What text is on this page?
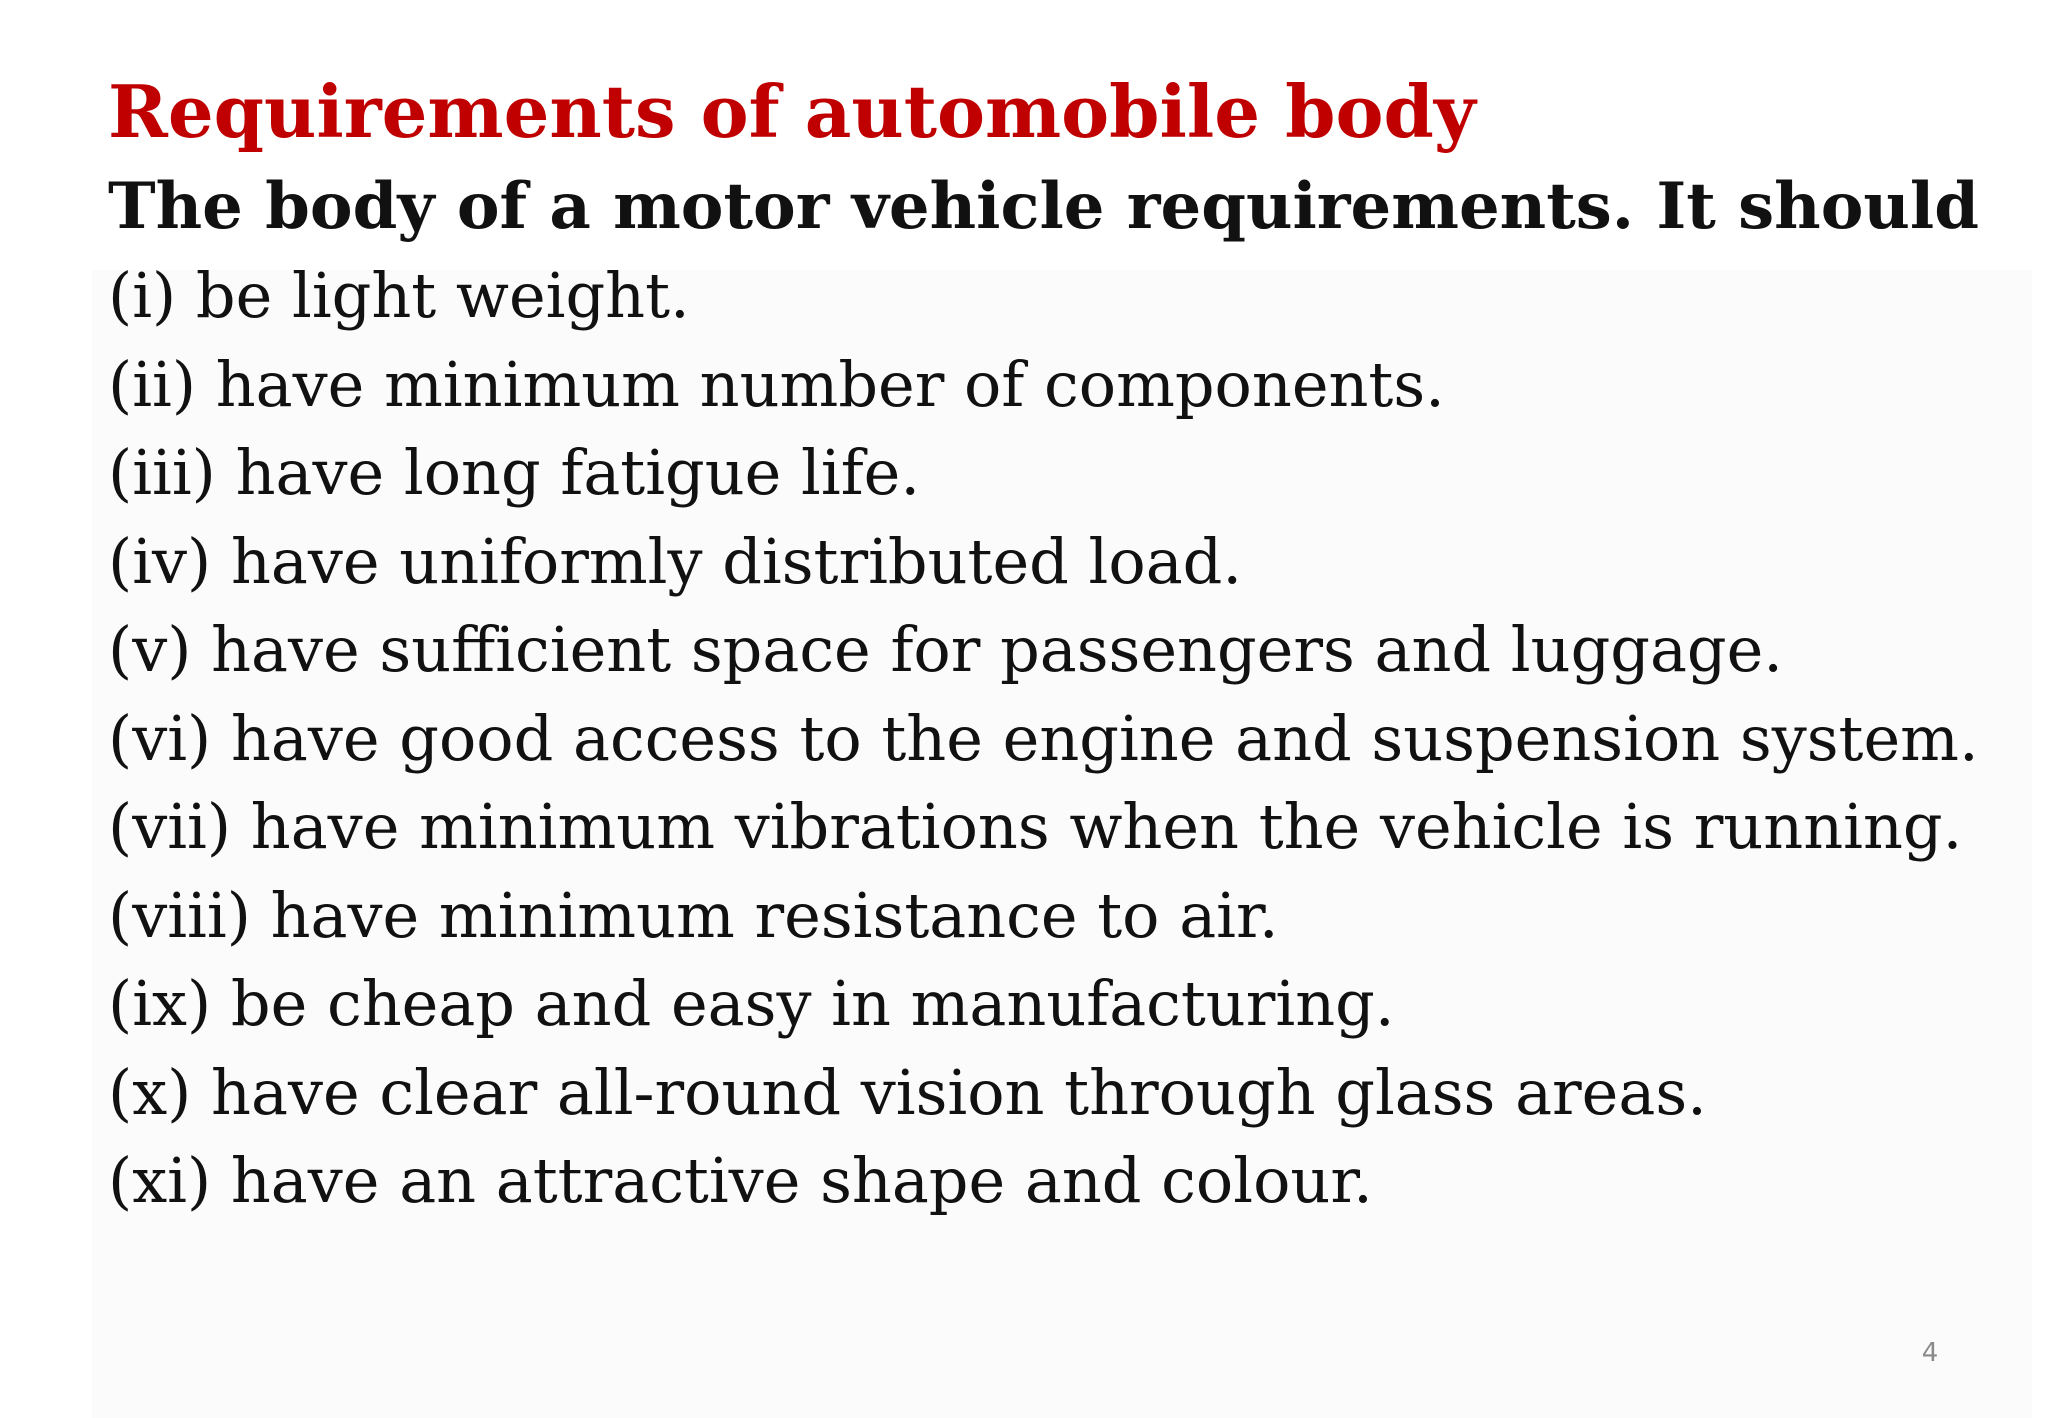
Requirements of automobile body

The body of a motor vehicle requirements. It should

(i) be light weight.
(ii) have minimum number of components.
(iii) have long fatigue life.
(iv) have uniformly distributed load.
(v) have sufficient space for passengers and luggage.
(vi) have good access to the engine and suspension system.
(vii) have minimum vibrations when the vehicle is running.
(viii) have minimum resistance to air.
(ix) be cheap and easy in manufacturing.
(x) have clear all-round vision through glass areas.
(xi) have an attractive shape and colour.
4
